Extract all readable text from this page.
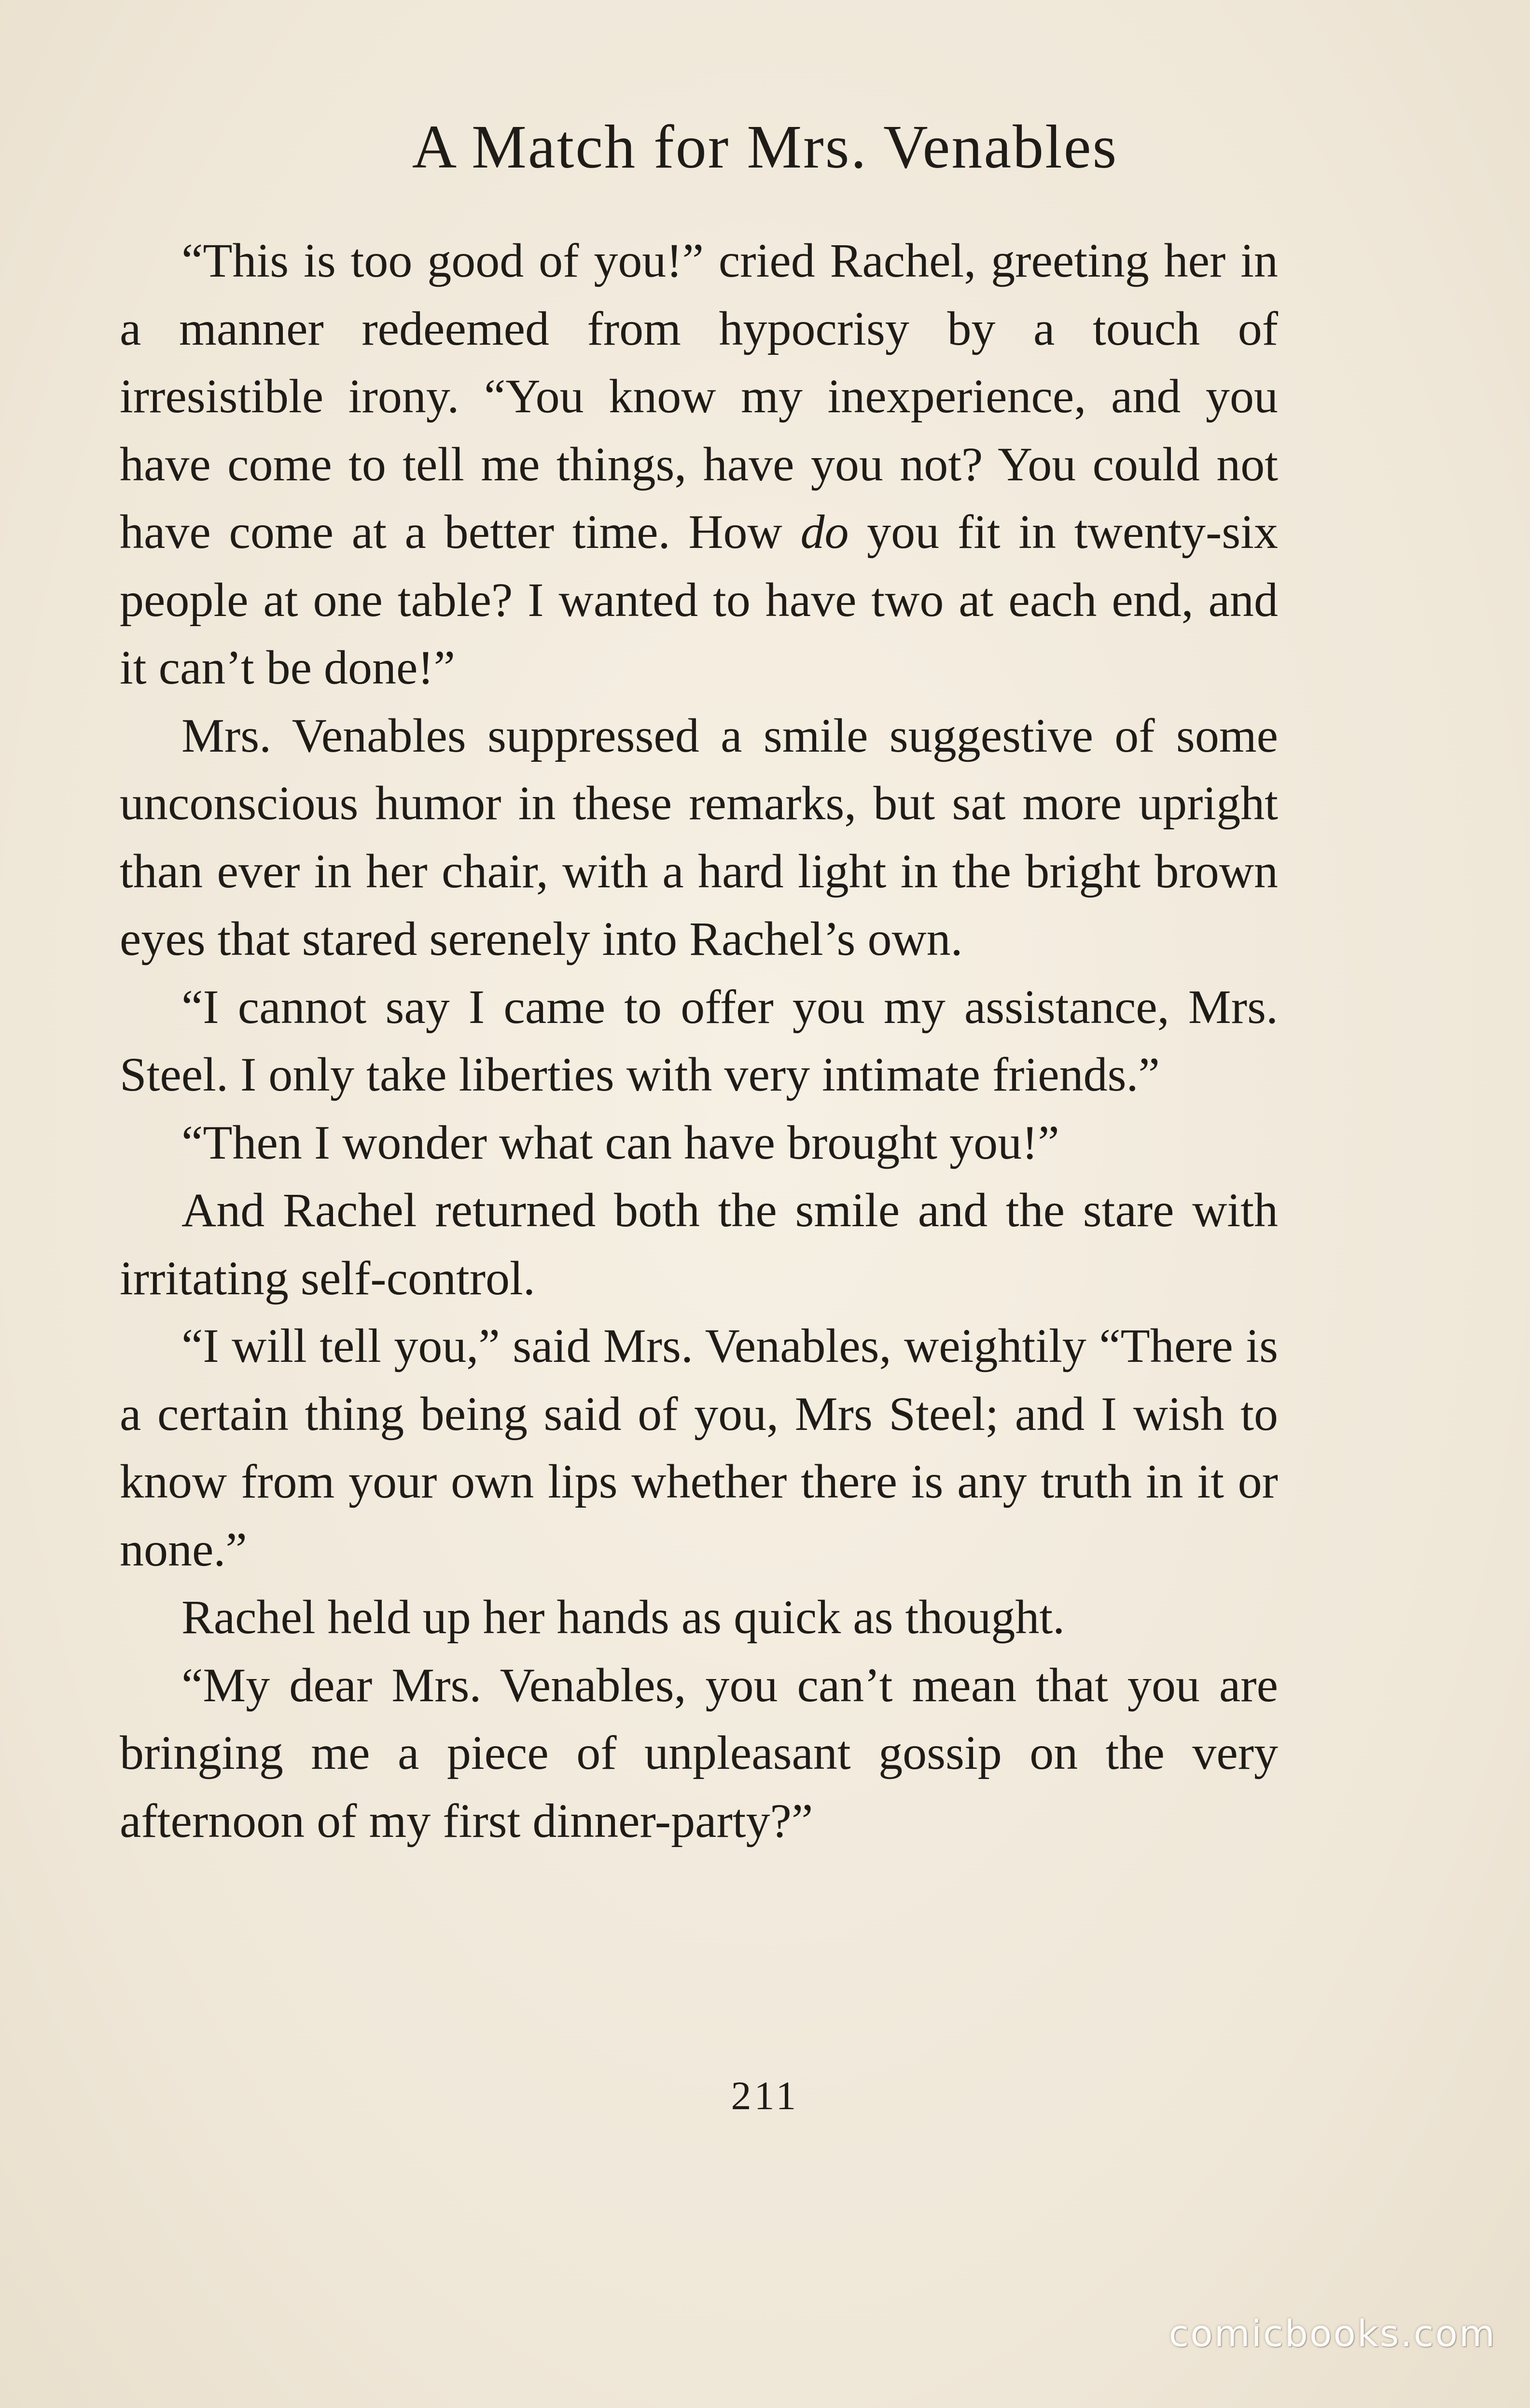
A Match for Mrs. Venables

“This is too good of you!” cried Rachel, greeting her in a manner redeemed from hypocrisy by a touch of irresistible irony. “You know my inexperience, and you have come to tell me things, have you not? You could not have come at a better time. How do you fit in twenty-six people at one table? I wanted to have two at each end, and it can’t be done!”

Mrs. Venables suppressed a smile suggestive of some unconscious humor in these remarks, but sat more upright than ever in her chair, with a hard light in the bright brown eyes that stared serenely into Rachel’s own.

“I cannot say I came to offer you my assistance, Mrs. Steel. I only take liberties with very intimate friends.”

“Then I wonder what can have brought you!”

And Rachel returned both the smile and the stare with irritating self-control.

“I will tell you,” said Mrs. Venables, weightily “There is a certain thing being said of you, Mrs Steel; and I wish to know from your own lips whether there is any truth in it or none.”

Rachel held up her hands as quick as thought.

“My dear Mrs. Venables, you can’t mean that you are bringing me a piece of unpleasant gossip on the very afternoon of my first dinner-party?”

211
comicbooks.com
